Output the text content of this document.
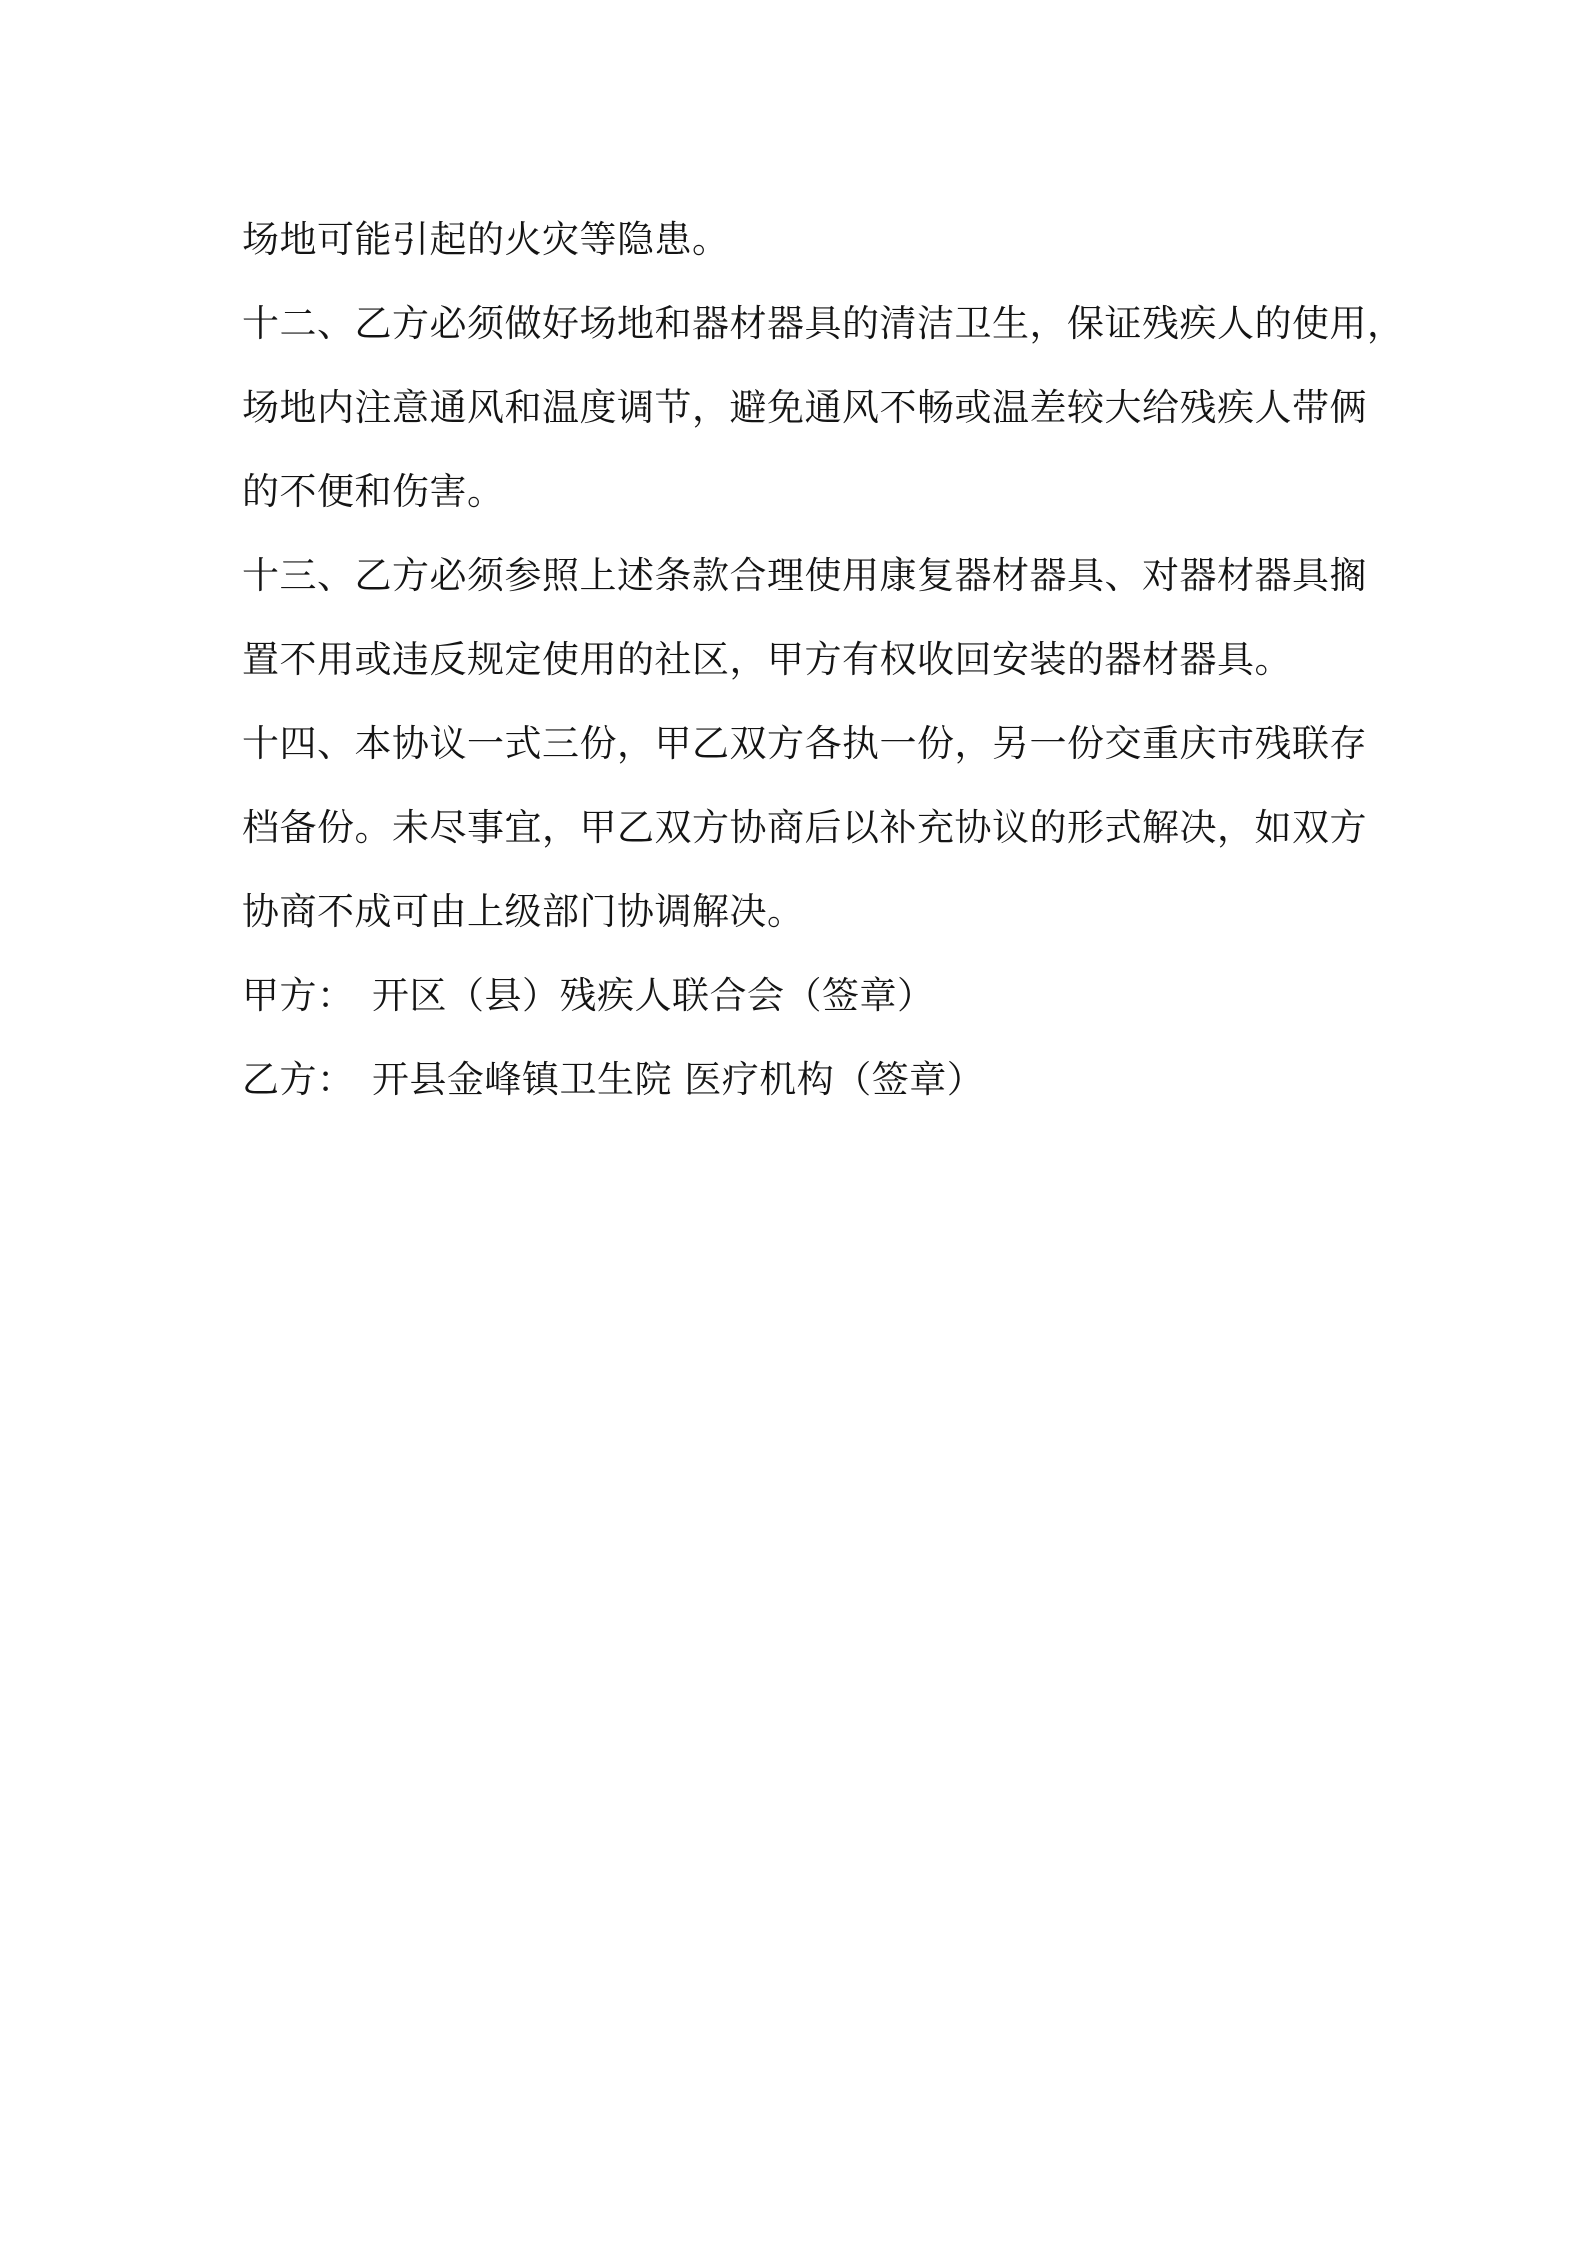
场地可能引起的火灾等隐患。
十二、乙方必须做好场地和器材器具的清洁卫生，保证残疾人的使用，
场地内注意通风和温度调节，避免通风不畅或温差较大给残疾人带俩
的不便和伤害。
十三、乙方必须参照上述条款合理使用康复器材器具、对器材器具搁
置不用或违反规定使用的社区，甲方有权收回安装的器材器具。
十四、本协议一式三份，甲乙双方各执一份，另一份交重庆市残联存
档备份。未尽事宜，甲乙双方协商后以补充协议的形式解决，如双方
协商不成可由上级部门协调解决。
甲方： 开区（县）残疾人联合会（签章）
乙方： 开县金峰镇卫生院 医疗机构（签章）
